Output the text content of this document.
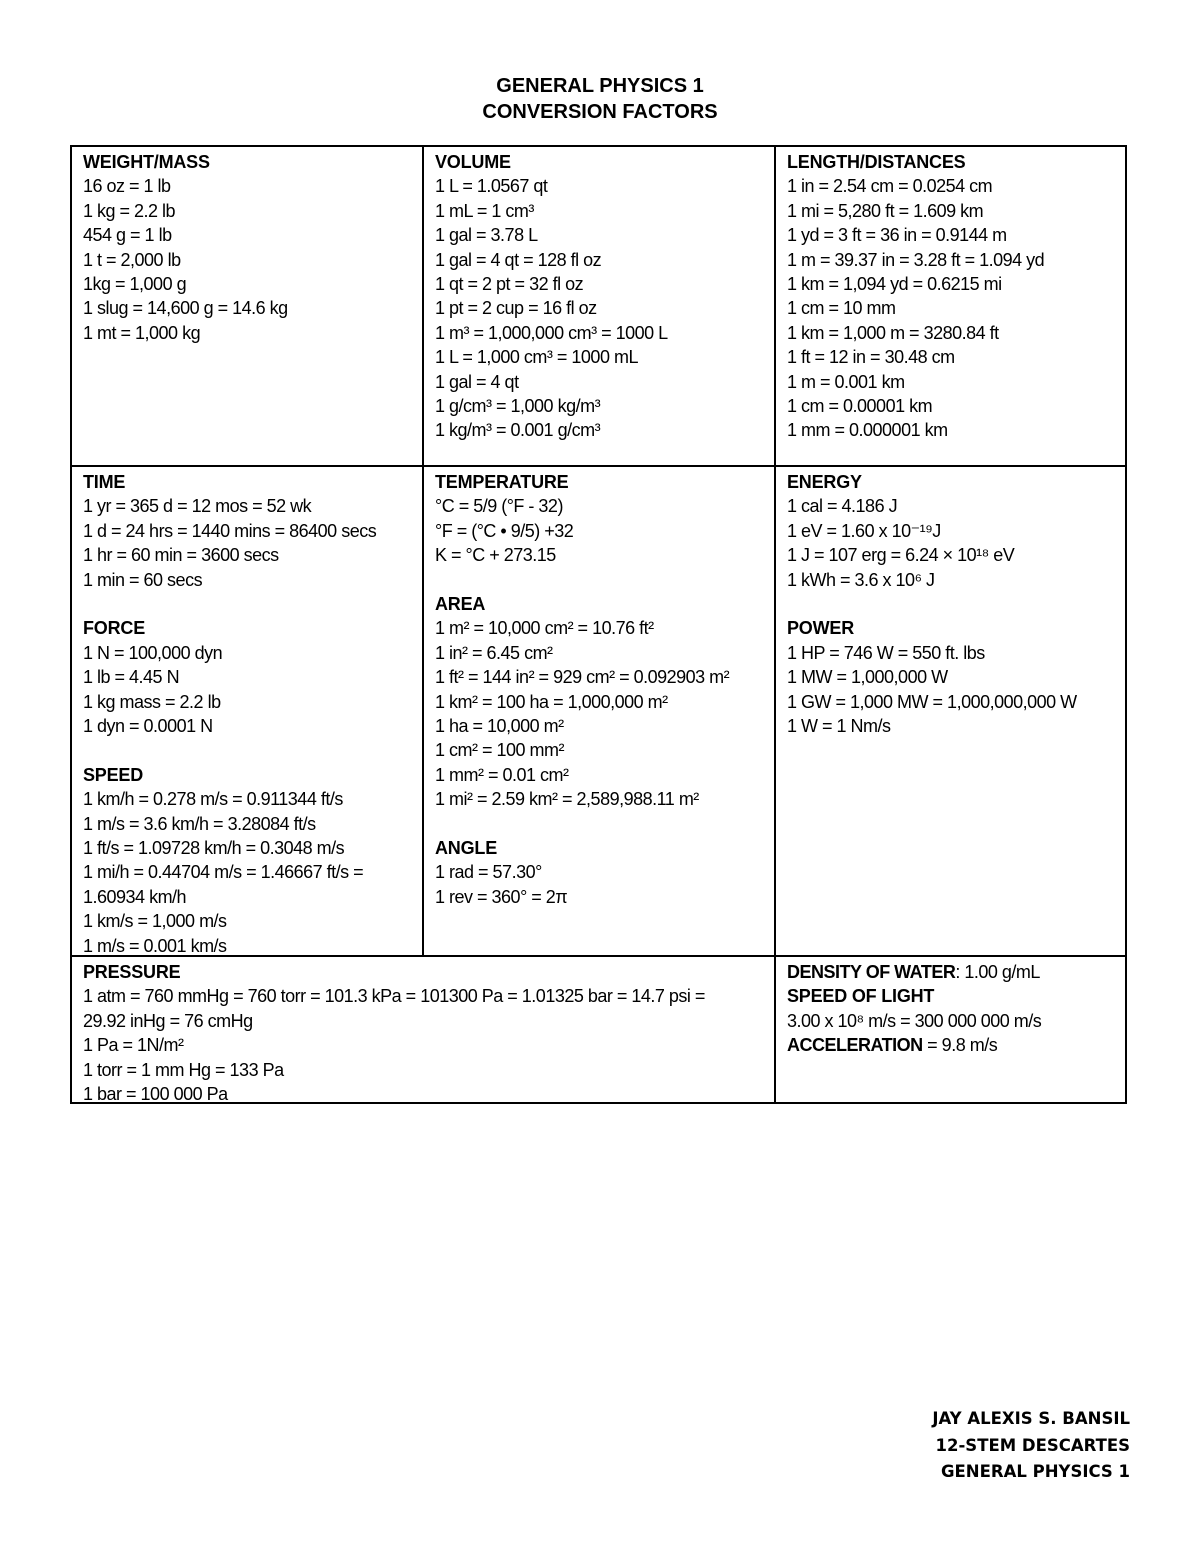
GENERAL PHYSICS 1
CONVERSION FACTORS
WEIGHT/MASS
16 oz = 1 lb
1 kg = 2.2 lb
454 g = 1 lb
1 t = 2,000 lb
1kg = 1,000 g
1 slug = 14,600 g = 14.6 kg
1 mt = 1,000 kg
VOLUME
1 L = 1.0567 qt
1 mL = 1 cm³
1 gal = 3.78 L
1 gal = 4 qt = 128 fl oz
1 qt = 2 pt = 32 fl oz
1 pt = 2 cup = 16 fl oz
1 m³ = 1,000,000 cm³ = 1000 L
1 L = 1,000 cm³ = 1000 mL
1 gal = 4 qt
1 g/cm³ = 1,000 kg/m³
1 kg/m³ = 0.001 g/cm³
LENGTH/DISTANCES
1 in = 2.54 cm = 0.0254 cm
1 mi = 5,280 ft = 1.609 km
1 yd = 3 ft = 36 in = 0.9144 m
1 m = 39.37 in = 3.28 ft = 1.094 yd
1 km = 1,094 yd = 0.6215 mi
1 cm = 10 mm
1 km = 1,000 m = 3280.84 ft
1 ft = 12 in = 30.48 cm
1 m = 0.001 km
1 cm = 0.00001 km
1 mm = 0.000001 km
TIME
1 yr = 365 d = 12 mos = 52 wk
1 d = 24 hrs = 1440 mins = 86400 secs
1 hr = 60 min = 3600 secs
1 min = 60 secs
FORCE
1 N = 100,000 dyn
1 lb = 4.45 N
1 kg mass = 2.2 lb
1 dyn = 0.0001 N
SPEED
1 km/h = 0.278 m/s = 0.911344 ft/s
1 m/s = 3.6 km/h = 3.28084 ft/s
1 ft/s = 1.09728 km/h = 0.3048 m/s
1 mi/h = 0.44704 m/s = 1.46667 ft/s =
1.60934 km/h
1 km/s = 1,000 m/s
1 m/s = 0.001 km/s
TEMPERATURE
°C = 5/9 (°F - 32)
°F = (°C • 9/5) +32
K = °C + 273.15
AREA
1 m² = 10,000 cm² = 10.76 ft²
1 in² = 6.45 cm²
1 ft² = 144 in² = 929 cm² = 0.092903 m²
1 km² = 100 ha = 1,000,000 m²
1 ha = 10,000 m²
1 cm² = 100 mm²
1 mm² = 0.01 cm²
1 mi² = 2.59 km² = 2,589,988.11 m²
ANGLE
1 rad = 57.30°
1 rev = 360° = 2π
ENERGY
1 cal = 4.186 J
1 eV = 1.60 x 10⁻¹⁹J
1 J = 107 erg = 6.24 × 10¹⁸ eV
1 kWh = 3.6 x 10⁶ J
POWER
1 HP = 746 W = 550 ft. lbs
1 MW = 1,000,000 W
1 GW = 1,000 MW = 1,000,000,000 W
1 W = 1 Nm/s
PRESSURE
1 atm = 760 mmHg = 760 torr = 101.3 kPa = 101300 Pa = 1.01325 bar = 14.7 psi =
29.92 inHg = 76 cmHg
1 Pa = 1N/m²
1 torr = 1 mm Hg = 133 Pa
1 bar = 100 000 Pa
DENSITY OF WATER: 1.00 g/mL
SPEED OF LIGHT
3.00 x 10⁸ m/s = 300 000 000 m/s
ACCELERATION = 9.8 m/s
JAY ALEXIS S. BANSIL
12-STEM DESCARTES
GENERAL PHYSICS 1
